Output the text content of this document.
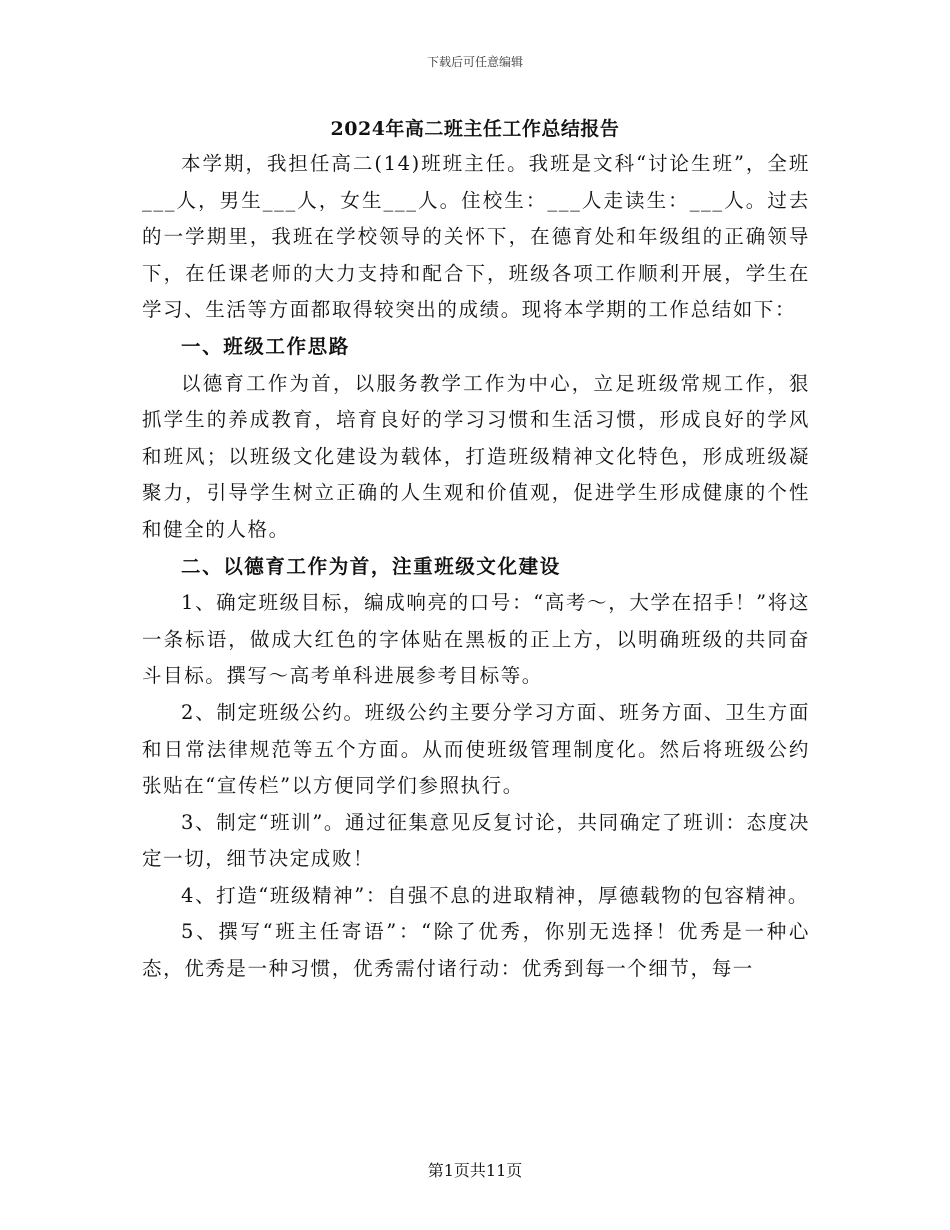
下载后可任意编辑
2024年高二班主任工作总结报告

本学期，我担任高二(14)班班主任。我班是文科“讨论生班”，全班___人，男生___人，女生___人。住校生：___人走读生：___人。过去的一学期里，我班在学校领导的关怀下，在德育处和年级组的正确领导下，在任课老师的大力支持和配合下，班级各项工作顺利开展，学生在学习、生活等方面都取得较突出的成绩。现将本学期的工作总结如下：

一、班级工作思路

以德育工作为首，以服务教学工作为中心，立足班级常规工作，狠抓学生的养成教育，培育良好的学习习惯和生活习惯，形成良好的学风和班风；以班级文化建设为载体，打造班级精神文化特色，形成班级凝聚力，引导学生树立正确的人生观和价值观，促进学生形成健康的个性和健全的人格。

二、以德育工作为首，注重班级文化建设

1、确定班级目标，编成响亮的口号：“高考～，大学在招手！”将这一条标语，做成大红色的字体贴在黑板的正上方，以明确班级的共同奋斗目标。撰写～高考单科进展参考目标等。

2、制定班级公约。班级公约主要分学习方面、班务方面、卫生方面和日常法律规范等五个方面。从而使班级管理制度化。然后将班级公约张贴在“宣传栏”以方便同学们参照执行。

3、制定“班训”。通过征集意见反复讨论，共同确定了班训：态度决定一切，细节决定成败！

4、打造“班级精神”：自强不息的进取精神，厚德载物的包容精神。

5、撰写“班主任寄语”：“除了优秀，你别无选择！优秀是一种心态，优秀是一种习惯，优秀需付诸行动：优秀到每一个细节，每一

第1页共11页
